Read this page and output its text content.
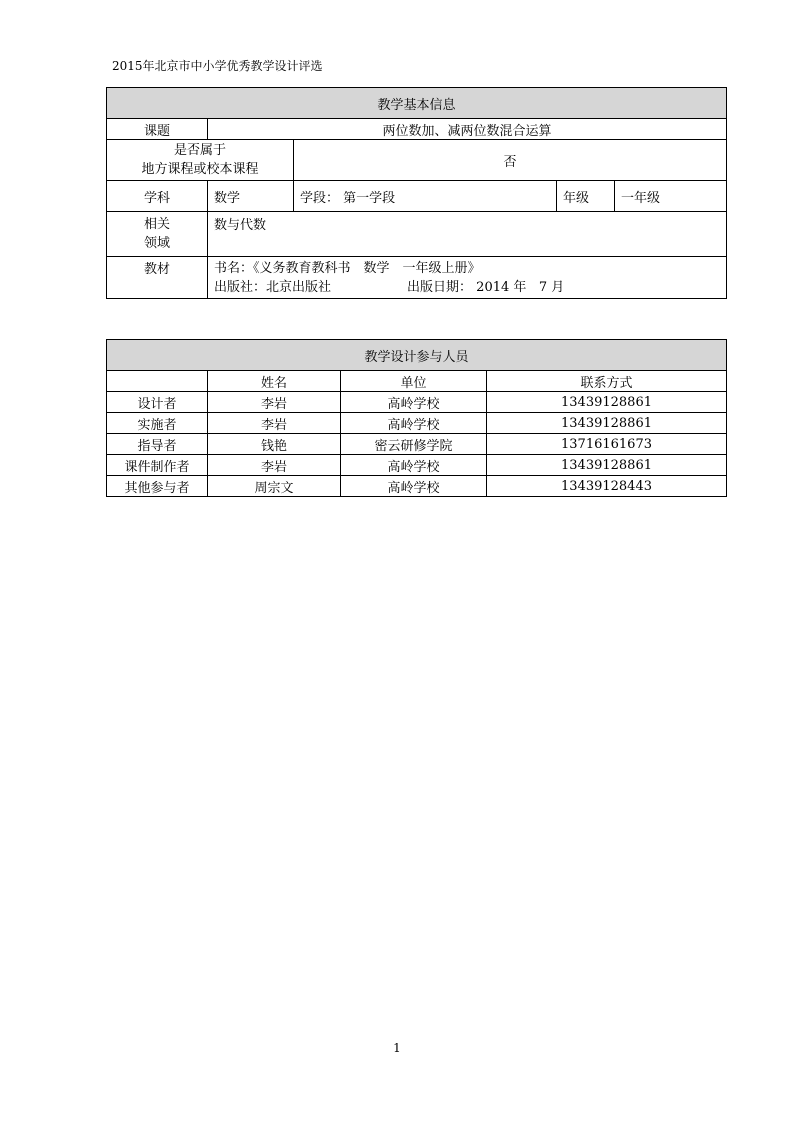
2015年北京市中小学优秀教学设计评选
教学基本信息				
课题	两位数加、减两位数混合运算			

是否属于
地方课程或校本课程		否		
学科	数学	学段： 第一学段	年级	一年级

相关
领域	数与代数			
教材	书名：《义务教育教科书　数学　一年级上册》
出版社：北京出版社 出版日期： 2014 年 7 月			
教学设计参与人员			
	姓名	单位	联系方式
设计者	李岩	高岭学校	13439128861
实施者	李岩	高岭学校	13439128861
指导者	钱艳	密云研修学院	13716161673
课件制作者	李岩	高岭学校	13439128861
其他参与者	周宗文	高岭学校	13439128443
1
